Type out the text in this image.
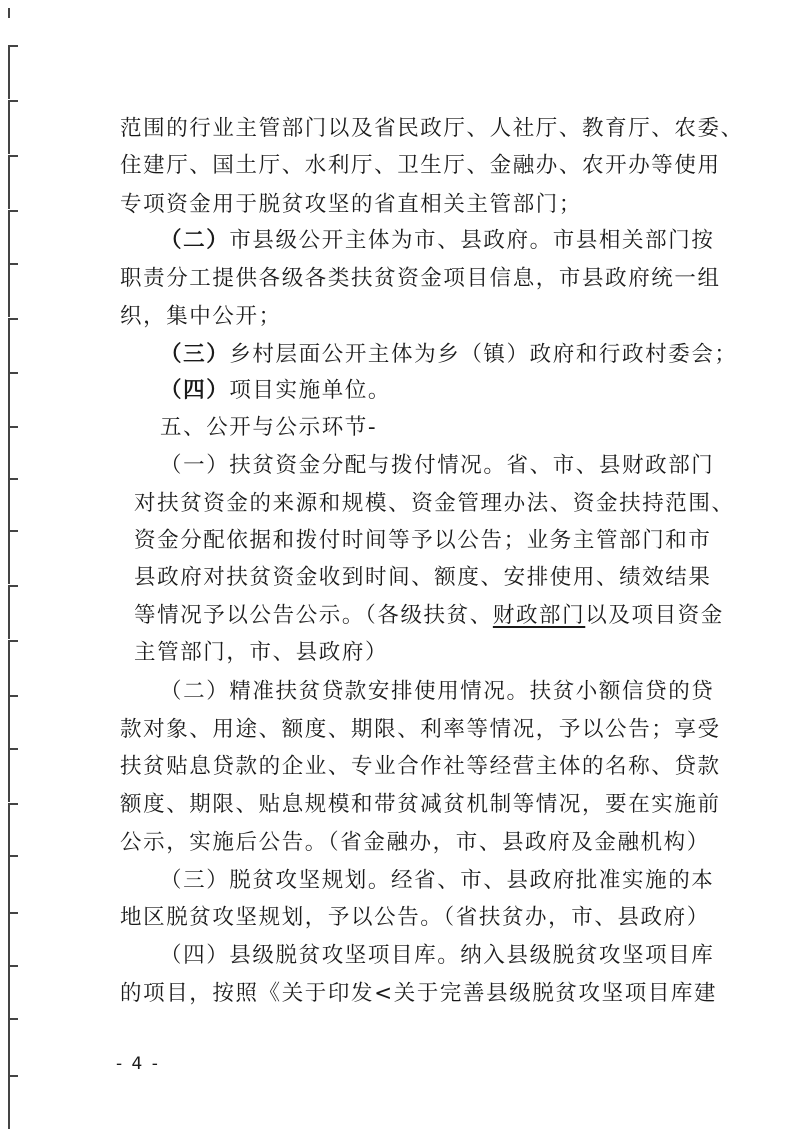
范围的行业主管部门以及省民政厅、人社厅、教育厅、农委、
住建厅、国土厅、水利厅、卫生厅、金融办、农开办等使用
专项资金用于脱贫攻坚的省直相关主管部门；
（二）市县级公开主体为市、县政府。市县相关部门按
职责分工提供各级各类扶贫资金项目信息，市县政府统一组
织，集中公开；
（三）乡村层面公开主体为乡（镇）政府和行政村委会；
（四）项目实施单位。
五、公开与公示环节-
（一）扶贫资金分配与拨付情况。省、市、县财政部门
对扶贫资金的来源和规模、资金管理办法、资金扶持范围、
资金分配依据和拨付时间等予以公告；业务主管部门和市
县政府对扶贫资金收到时间、额度、安排使用、绩效结果
等情况予以公告公示。（各级扶贫、财政部门以及项目资金
主管部门，市、县政府）
（二）精准扶贫贷款安排使用情况。扶贫小额信贷的贷
款对象、用途、额度、期限、利率等情况，予以公告；享受
扶贫贴息贷款的企业、专业合作社等经营主体的名称、贷款
额度、期限、贴息规模和带贫减贫机制等情况，要在实施前
公示，实施后公告。（省金融办，市、县政府及金融机构）
（三）脱贫攻坚规划。经省、市、县政府批准实施的本
地区脱贫攻坚规划，予以公告。（省扶贫办，市、县政府）
（四）县级脱贫攻坚项目库。纳入县级脱贫攻坚项目库
的项目，按照《关于印发<关于完善县级脱贫攻坚项目库建
- 4 -
